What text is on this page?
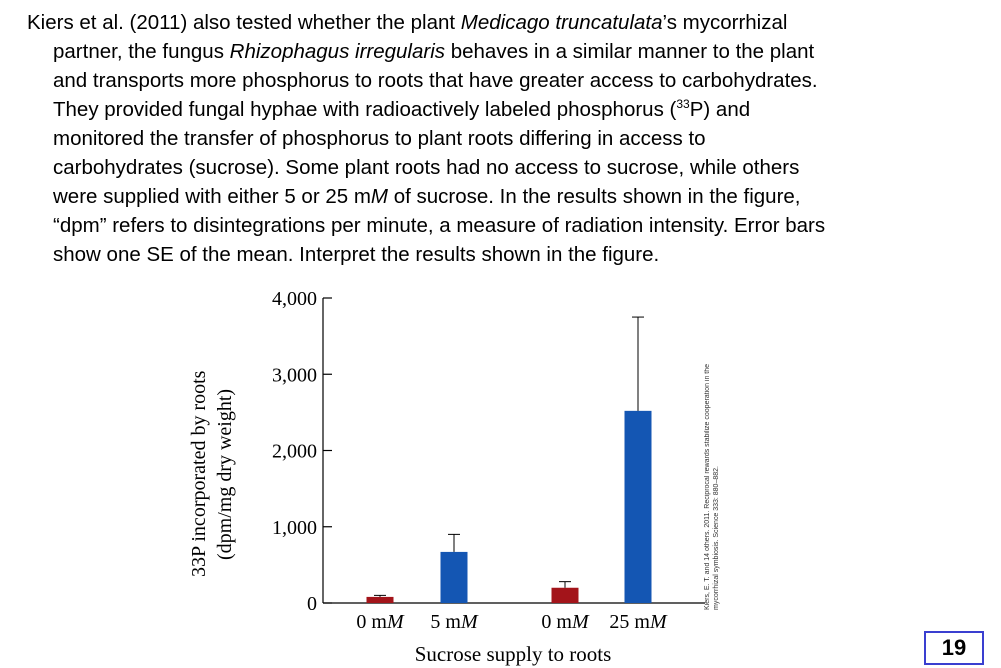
Kiers et al. (2011) also tested whether the plant Medicago truncatulata’s mycorrhizal
partner, the fungus Rhizophagus irregularis behaves in a similar manner to the plant
and transports more phosphorus to roots that have greater access to carbohydrates.
They provided fungal hyphae with radioactively labeled phosphorus ($^{33}$P) and
monitored the transfer of phosphorus to plant roots differing in access to
carbohydrates (sucrose). Some plant roots had no access to sucrose, while others
were supplied with either 5 or 25 mM of sucrose. In the results shown in the figure,
“dpm” refers to disintegrations per minute, a measure of radiation intensity. Error bars
show one SE of the mean. Interpret the results shown in the figure.
33P incorporated by roots (dpm/mg dry weight)
0
1,000
2,000
3,000
4,000
0 mM 5 mM	0 mM 25 mM
Sucrose supply to roots
Kiers, E. T. and 14 others. 2011. Reciprocal rewards stabilize cooperation in the mycorrhizal symbiosis. Science 333: 880–882.
19
